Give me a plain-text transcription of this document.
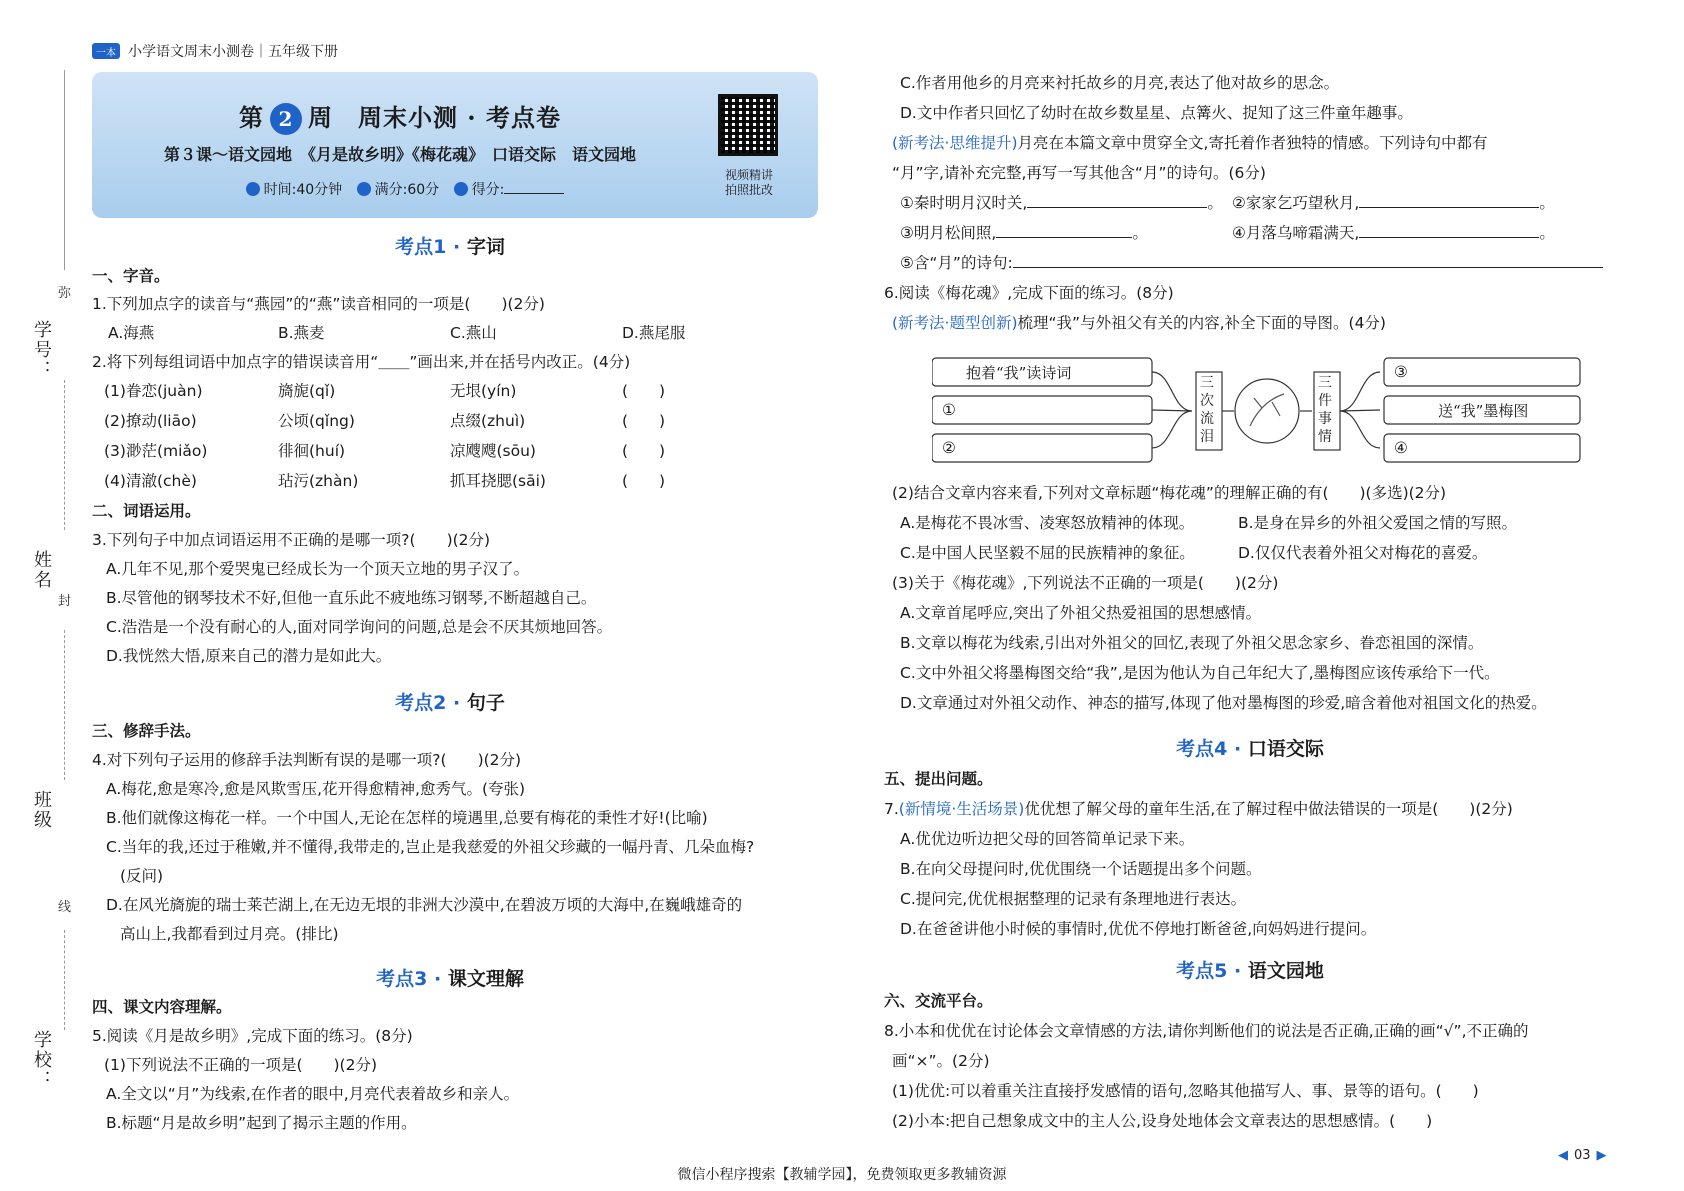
一本 小学语文周末小测卷｜五年级下册
弥
学号：
姓名
封
班级
线
学校：
第 2 周　周末小测 · 考点卷
第３课～语文园地　《月是故乡明》《梅花魂》　口语交际　语文园地
时间:40分钟 满分:60分 得分:
视频精讲
拍照批改
考点1 · 字词
一、字音。
1.下列加点字的读音与“燕园”的“燕”读音相同的一项是(　　)(2分)
A.海燕	B.燕麦	C.燕山	D.燕尾服
2.将下列每组词语中加点字的错误读音用“＿＿”画出来,并在括号内改正。(4分)
(1)眷恋(juàn)	旖旎(qǐ)	无垠(yín)	(　　)
(2)撩动(liāo)	公顷(qǐng)	点缀(zhuì)	(　　)
(3)渺茫(miǎo)	徘徊(huí)	凉飕飕(sōu)	(　　)
(4)清澈(chè)	玷污(zhàn)	抓耳挠腮(sāi)	(　　)
二、词语运用。
3.下列句子中加点词语运用不正确的是哪一项?(　　)(2分)
A.几年不见,那个爱哭鬼已经成长为一个顶天立地的男子汉了。
B.尽管他的钢琴技术不好,但他一直乐此不疲地练习钢琴,不断超越自己。
C.浩浩是一个没有耐心的人,面对同学询问的问题,总是会不厌其烦地回答。
D.我恍然大悟,原来自己的潜力是如此大。
考点2 · 句子
三、修辞手法。
4.对下列句子运用的修辞手法判断有误的是哪一项?(　　)(2分)
A.梅花,愈是寒冷,愈是风欺雪压,花开得愈精神,愈秀气。(夸张)
B.他们就像这梅花一样。一个中国人,无论在怎样的境遇里,总要有梅花的秉性才好!(比喻)
C.当年的我,还过于稚嫩,并不懂得,我带走的,岂止是我慈爱的外祖父珍藏的一幅丹青、几朵血梅?
(反问)
D.在风光旖旎的瑞士莱芒湖上,在无边无垠的非洲大沙漠中,在碧波万顷的大海中,在巍峨雄奇的
高山上,我都看到过月亮。(排比)
考点3 · 课文理解
四、课文内容理解。
5.阅读《月是故乡明》,完成下面的练习。(8分)
(1)下列说法不正确的一项是(　　)(2分)
A.全文以“月”为线索,在作者的眼中,月亮代表着故乡和亲人。
B.标题“月是故乡明”起到了揭示主题的作用。
C.作者用他乡的月亮来衬托故乡的月亮,表达了他对故乡的思念。
D.文中作者只回忆了幼时在故乡数星星、点篝火、捉知了这三件童年趣事。
(新考法·思维提升)月亮在本篇文章中贯穿全文,寄托着作者独特的情感。下列诗句中都有
“月”字,请补充完整,再写一写其他含“月”的诗句。(6分)
①秦时明月汉时关,	。 ②家家乞巧望秋月,	。
③明月松间照,	。	④月落乌啼霜满天,	。
⑤含“月”的诗句:
6.阅读《梅花魂》,完成下面的练习。(8分)
(新考法·题型创新)梳理“我”与外祖父有关的内容,补全下面的导图。(4分)
抱着“我”读诗词
①
②
三次流泪
三件事情
③
送“我”墨梅图
④
(2)结合文章内容来看,下列对文章标题“梅花魂”的理解正确的有(　　)(多选)(2分)
A.是梅花不畏冰雪、凌寒怒放精神的体现。	B.是身在异乡的外祖父爱国之情的写照。
C.是中国人民坚毅不屈的民族精神的象征。	D.仅仅代表着外祖父对梅花的喜爱。
(3)关于《梅花魂》,下列说法不正确的一项是(　　)(2分)
A.文章首尾呼应,突出了外祖父热爱祖国的思想感情。
B.文章以梅花为线索,引出对外祖父的回忆,表现了外祖父思念家乡、眷恋祖国的深情。
C.文中外祖父将墨梅图交给“我”,是因为他认为自己年纪大了,墨梅图应该传承给下一代。
D.文章通过对外祖父动作、神态的描写,体现了他对墨梅图的珍爱,暗含着他对祖国文化的热爱。
考点4 · 口语交际
五、提出问题。
7.(新情境·生活场景)优优想了解父母的童年生活,在了解过程中做法错误的一项是(　　)(2分)
A.优优边听边把父母的回答简单记录下来。
B.在向父母提问时,优优围绕一个话题提出多个问题。
C.提问完,优优根据整理的记录有条理地进行表达。
D.在爸爸讲他小时候的事情时,优优不停地打断爸爸,向妈妈进行提问。
考点5 · 语文园地
六、交流平台。
8.小本和优优在讨论体会文章情感的方法,请你判断他们的说法是否正确,正确的画“√”,不正确的
画“×”。(2分)
(1)优优:可以着重关注直接抒发感情的语句,忽略其他描写人、事、景等的语句。(　　)
(2)小本:把自己想象成文中的主人公,设身处地体会文章表达的思想感情。(　　)
◀ 03 ▶
微信小程序搜索【教辅学园】，免费领取更多教辅资源
